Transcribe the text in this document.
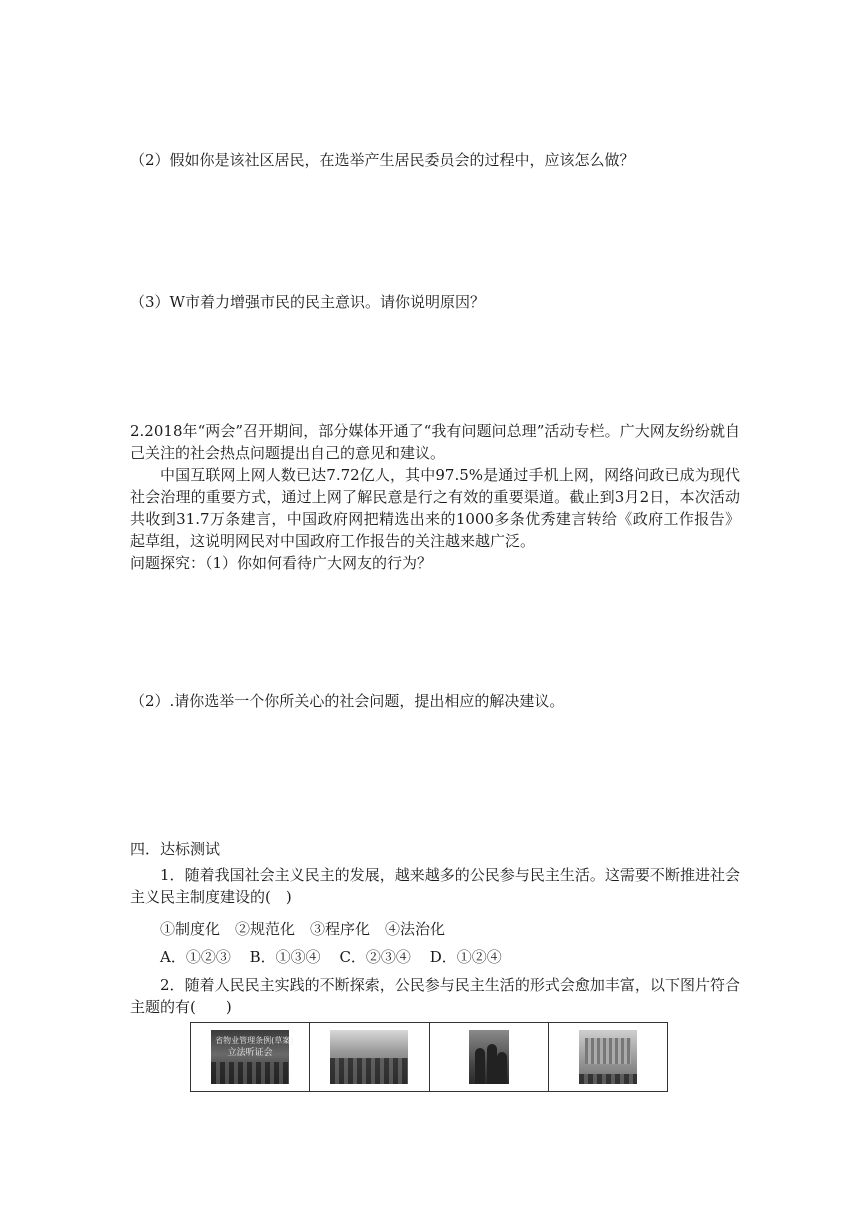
（2）假如你是该社区居民，在选举产生居民委员会的过程中，应该怎么做？
（3）W市着力增强市民的民主意识。请你说明原因？
2.2018年“两会”召开期间，部分媒体开通了“我有问题问总理”活动专栏。广大网友纷纷就自己关注的社会热点问题提出自己的意见和建议。
中国互联网上网人数已达7.72亿人，其中97.5%是通过手机上网，网络问政已成为现代社会治理的重要方式，通过上网了解民意是行之有效的重要渠道。截止到3月2日，本次活动共收到31.7万条建言，中国政府网把精选出来的1000多条优秀建言转给《政府工作报告》起草组，这说明网民对中国政府工作报告的关注越来越广泛。
问题探究：（1）你如何看待广大网友的行为？
（2）.请你选举一个你所关心的社会问题，提出相应的解决建议。
四．达标测试
1．随着我国社会主义民主的发展，越来越多的公民参与民主生活。这需要不断推进社会主义民主制度建设的(　)
①制度化　②规范化　③程序化　④法治化
A．①②③ B．①③④ C．②③④ D．①②④
2．随着人民民主实践的不断探索，公民参与民主生活的形式会愈加丰富，以下图片符合主题的有(　　)
省物业管理条例(草案)
立法听证会
